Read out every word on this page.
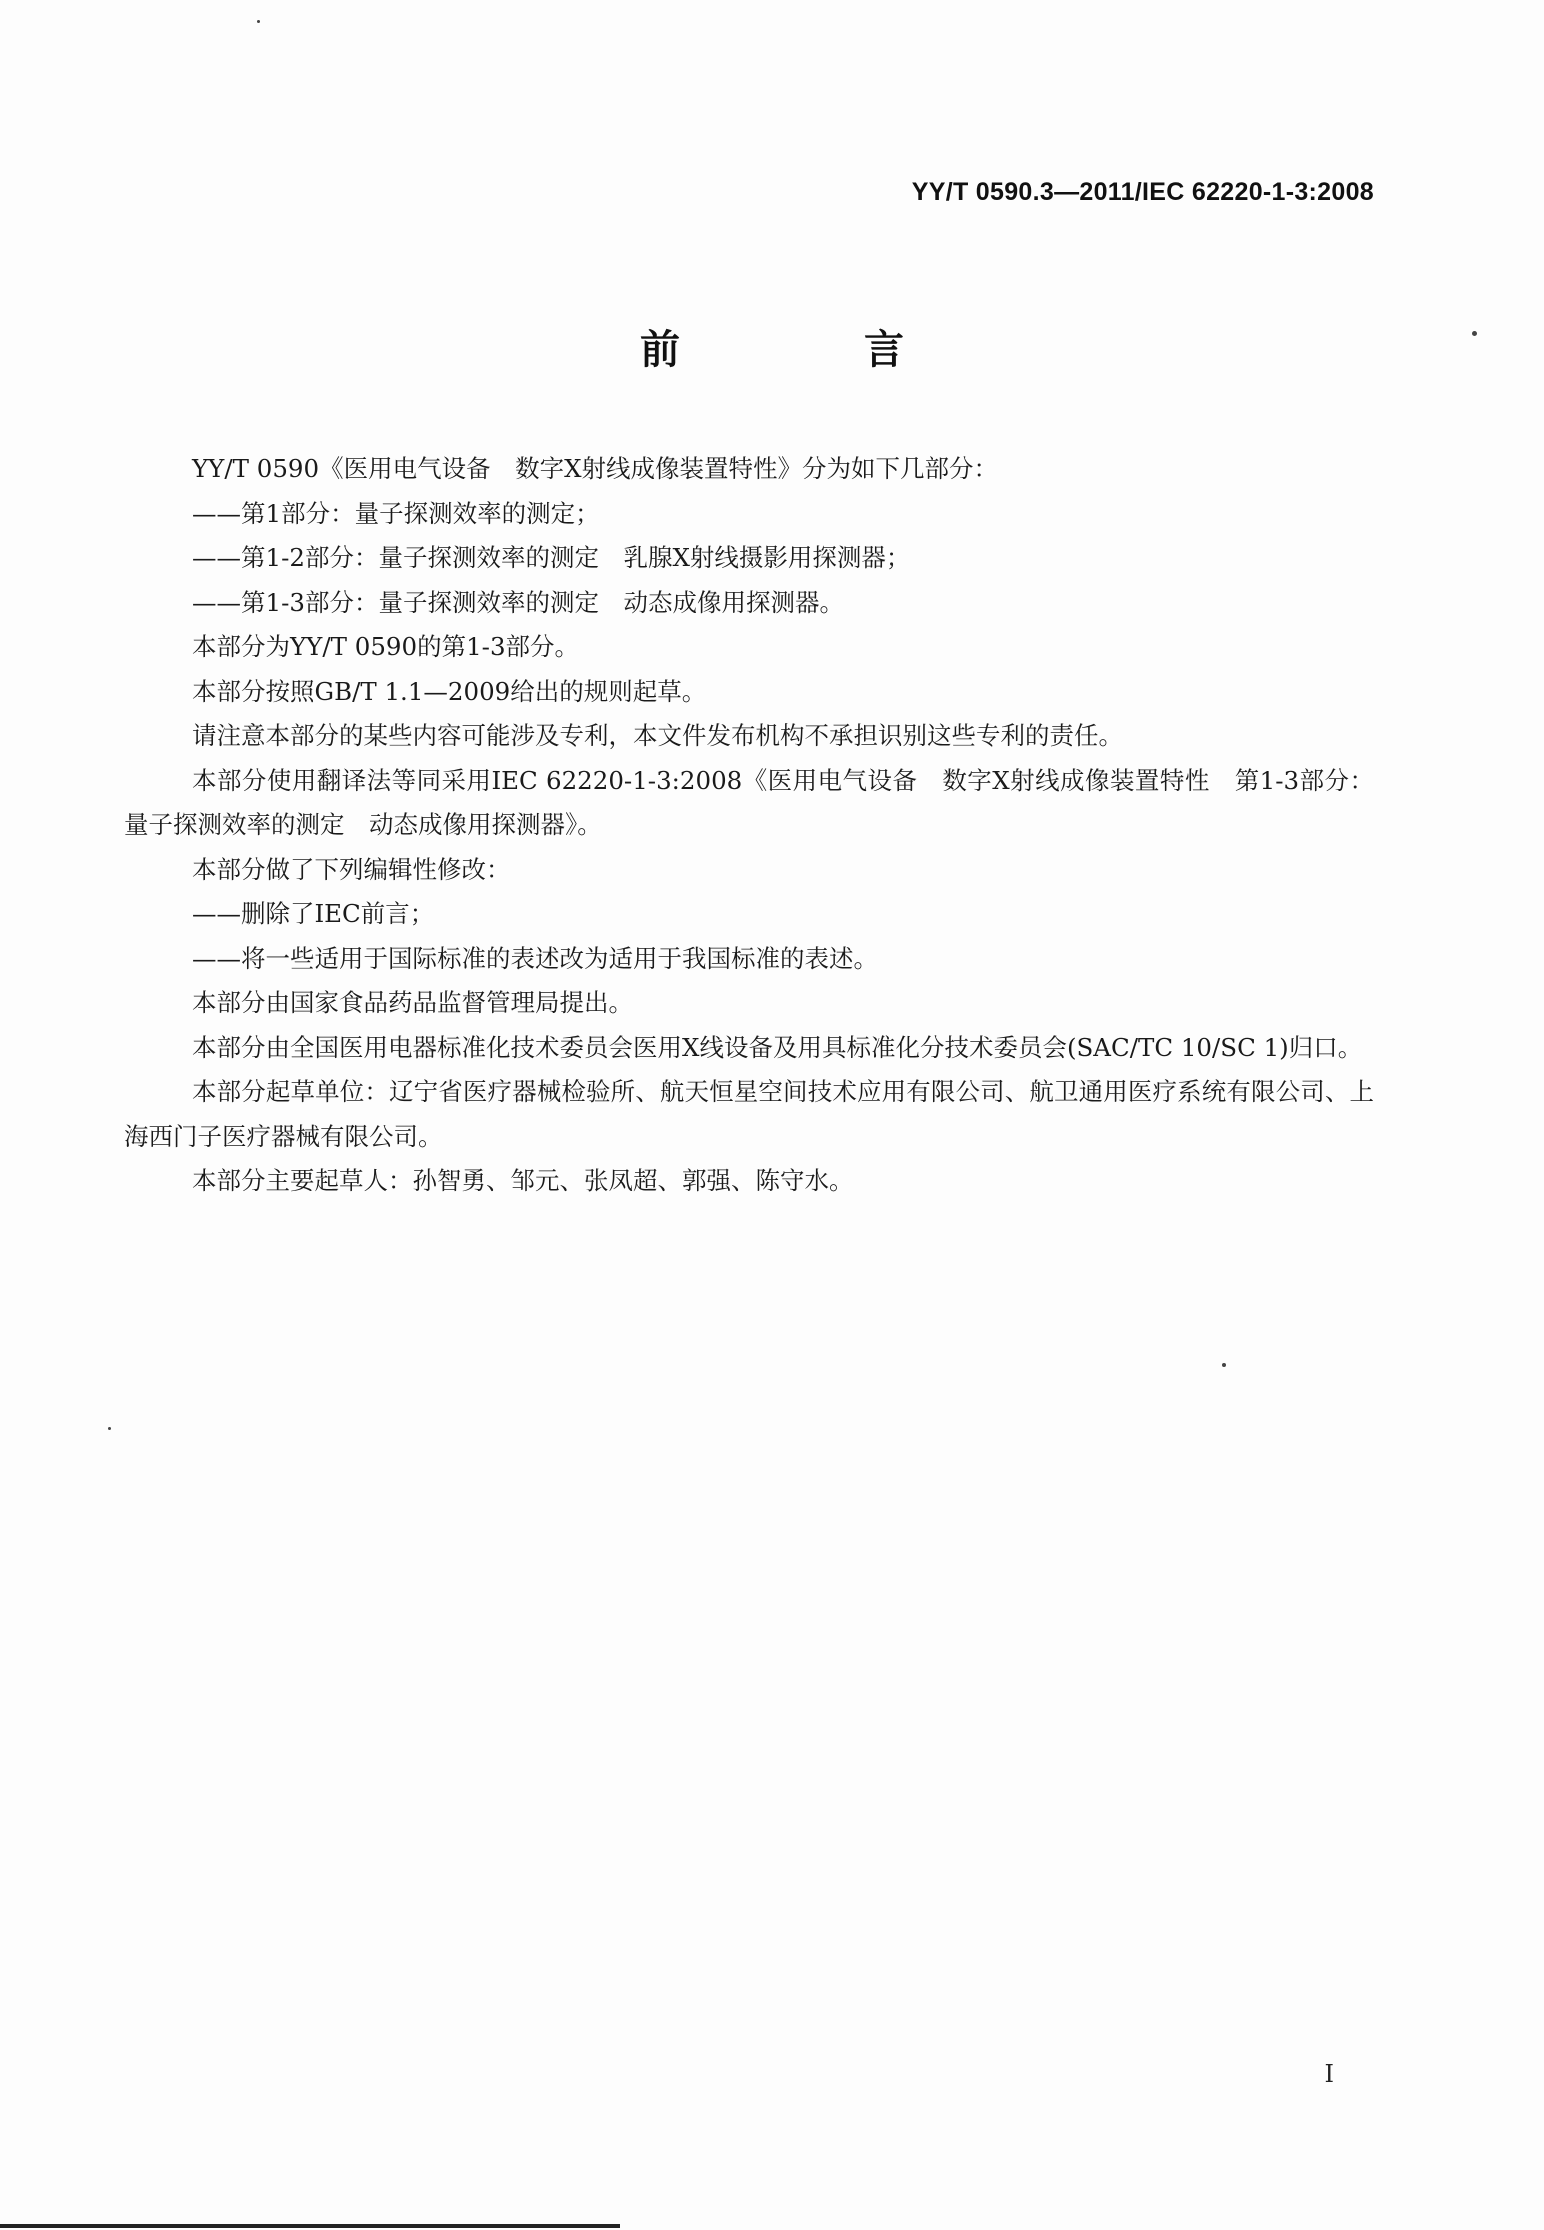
YY/T 0590.3—2011/IEC 62220-1-3:2008
前　言

YY/T 0590《医用电气设备　数字X射线成像装置特性》分为如下几部分：

——第1部分：量子探测效率的测定；

——第1-2部分：量子探测效率的测定　乳腺X射线摄影用探测器；

——第1-3部分：量子探测效率的测定　动态成像用探测器。

本部分为YY/T 0590的第1-3部分。

本部分按照GB/T 1.1—2009给出的规则起草。

请注意本部分的某些内容可能涉及专利，本文件发布机构不承担识别这些专利的责任。

本部分使用翻译法等同采用IEC 62220-1-3:2008《医用电气设备　数字X射线成像装置特性　第1-3部分：量子探测效率的测定　动态成像用探测器》。

本部分做了下列编辑性修改：

——删除了IEC前言；

——将一些适用于国际标准的表述改为适用于我国标准的表述。

本部分由国家食品药品监督管理局提出。

本部分由全国医用电器标准化技术委员会医用X线设备及用具标准化分技术委员会(SAC/TC 10/SC 1)归口。

本部分起草单位：辽宁省医疗器械检验所、航天恒星空间技术应用有限公司、航卫通用医疗系统有限公司、上海西门子医疗器械有限公司。

本部分主要起草人：孙智勇、邹元、张凤超、郭强、陈守水。

I
